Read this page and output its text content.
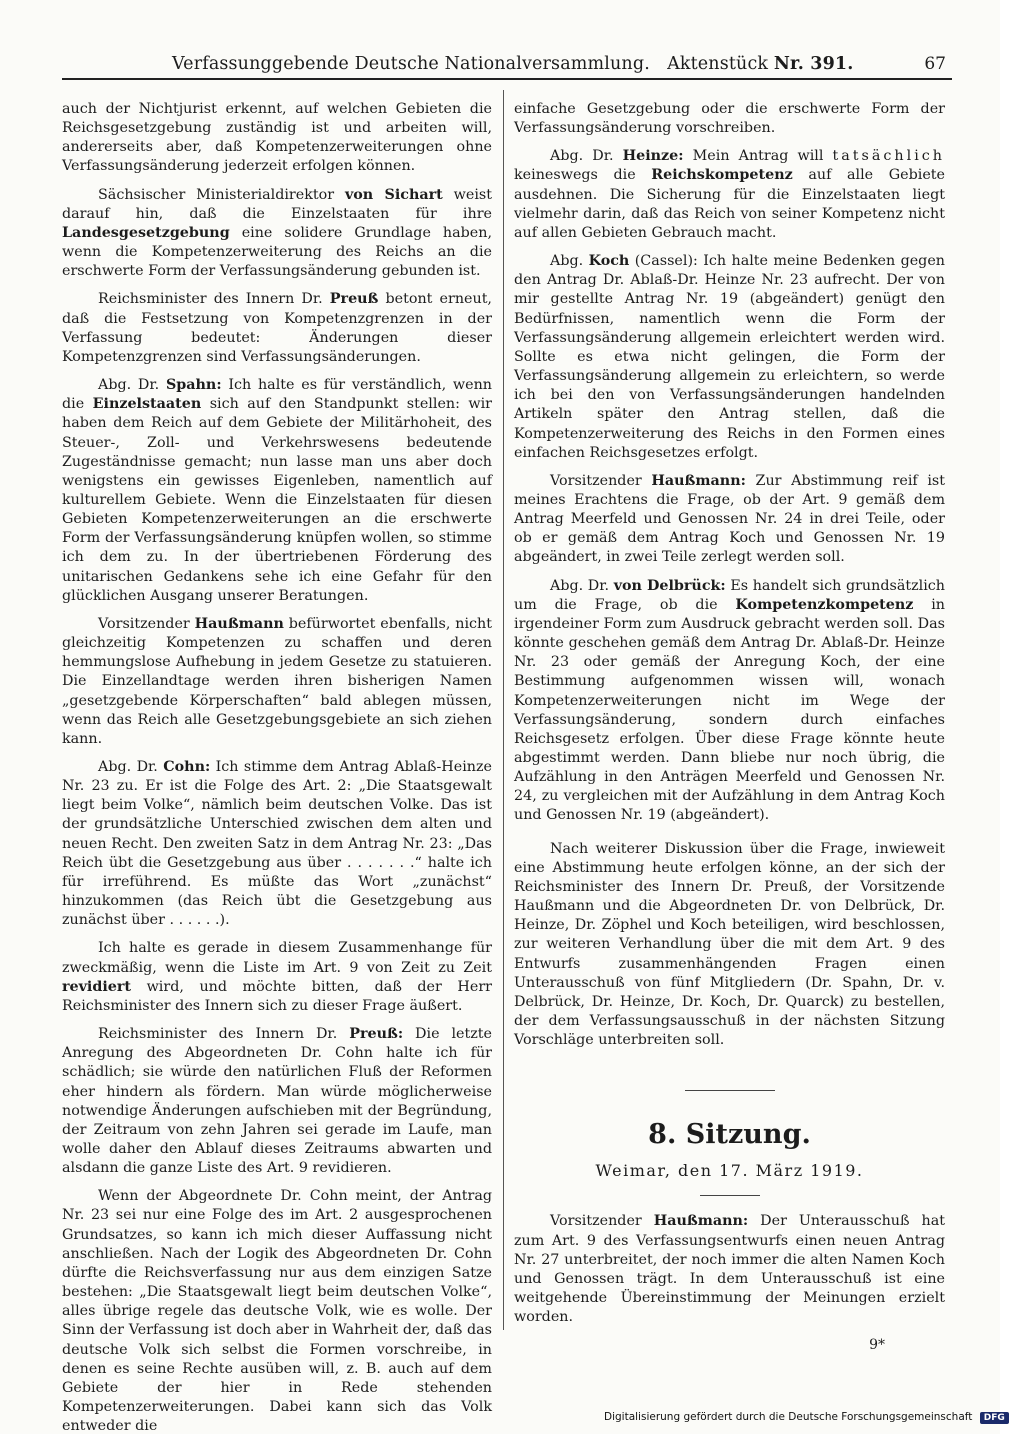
Verfassunggebende Deutsche Nationalversammlung. Aktenstück Nr. 391.	67

auch der Nichtjurist erkennt, auf welchen Gebieten die Reichsgesetzgebung zuständig ist und arbeiten will, andererseits aber, daß Kompetenzerweiterungen ohne Verfassungsänderung jederzeit erfolgen können.

Sächsischer Ministerialdirektor von Sichart weist darauf hin, daß die Einzelstaaten für ihre Landesgesetzgebung eine solidere Grundlage haben, wenn die Kompetenzerweiterung des Reichs an die erschwerte Form der Verfassungsänderung gebunden ist.

Reichsminister des Innern Dr. Preuß betont erneut, daß die Festsetzung von Kompetenzgrenzen in der Verfassung bedeutet: Änderungen dieser Kompetenzgrenzen sind Verfassungsänderungen.

Abg. Dr. Spahn: Ich halte es für verständlich, wenn die Einzelstaaten sich auf den Standpunkt stellen: wir haben dem Reich auf dem Gebiete der Militärhoheit, des Steuer-, Zoll- und Verkehrswesens bedeutende Zugeständnisse gemacht; nun lasse man uns aber doch wenigstens ein gewisses Eigenleben, namentlich auf kulturellem Gebiete. Wenn die Einzelstaaten für diesen Gebieten Kompetenzerweiterungen an die erschwerte Form der Verfassungsänderung knüpfen wollen, so stimme ich dem zu. In der übertriebenen Förderung des unitarischen Gedankens sehe ich eine Gefahr für den glücklichen Ausgang unserer Beratungen.

Vorsitzender Haußmann befürwortet ebenfalls, nicht gleichzeitig Kompetenzen zu schaffen und deren hemmungslose Aufhebung in jedem Gesetze zu statuieren. Die Einzellandtage werden ihren bisherigen Namen „gesetzgebende Körperschaften“ bald ablegen müssen, wenn das Reich alle Gesetzgebungsgebiete an sich ziehen kann.

Abg. Dr. Cohn: Ich stimme dem Antrag Ablaß-Heinze Nr. 23 zu. Er ist die Folge des Art. 2: „Die Staatsgewalt liegt beim Volke“, nämlich beim deutschen Volke. Das ist der grundsätzliche Unterschied zwischen dem alten und neuen Recht. Den zweiten Satz in dem Antrag Nr. 23: „Das Reich übt die Gesetzgebung aus über . . . . . . .“ halte ich für irreführend. Es müßte das Wort „zunächst“ hinzukommen (das Reich übt die Gesetzgebung aus zunächst über . . . . . .).

Ich halte es gerade in diesem Zusammenhange für zweckmäßig, wenn die Liste im Art. 9 von Zeit zu Zeit revidiert wird, und möchte bitten, daß der Herr Reichsminister des Innern sich zu dieser Frage äußert.

Reichsminister des Innern Dr. Preuß: Die letzte Anregung des Abgeordneten Dr. Cohn halte ich für schädlich; sie würde den natürlichen Fluß der Reformen eher hindern als fördern. Man würde möglicherweise notwendige Änderungen aufschieben mit der Begründung, der Zeitraum von zehn Jahren sei gerade im Laufe, man wolle daher den Ablauf dieses Zeitraums abwarten und alsdann die ganze Liste des Art. 9 revidieren.

Wenn der Abgeordnete Dr. Cohn meint, der Antrag Nr. 23 sei nur eine Folge des im Art. 2 ausgesprochenen Grundsatzes, so kann ich mich dieser Auffassung nicht anschließen. Nach der Logik des Abgeordneten Dr. Cohn dürfte die Reichsverfassung nur aus dem einzigen Satze bestehen: „Die Staatsgewalt liegt beim deutschen Volke“, alles übrige regele das deutsche Volk, wie es wolle. Der Sinn der Verfassung ist doch aber in Wahrheit der, daß das deutsche Volk sich selbst die Formen vorschreibe, in denen es seine Rechte ausüben will, z. B. auch auf dem Gebiete der hier in Rede stehenden Kompetenzerweiterungen. Dabei kann sich das Volk entweder die

einfache Gesetzgebung oder die erschwerte Form der Verfassungsänderung vorschreiben.

Abg. Dr. Heinze: Mein Antrag will tatsächlich keineswegs die Reichskompetenz auf alle Gebiete ausdehnen. Die Sicherung für die Einzelstaaten liegt vielmehr darin, daß das Reich von seiner Kompetenz nicht auf allen Gebieten Gebrauch macht.

Abg. Koch (Cassel): Ich halte meine Bedenken gegen den Antrag Dr. Ablaß-Dr. Heinze Nr. 23 aufrecht. Der von mir gestellte Antrag Nr. 19 (abgeändert) genügt den Bedürfnissen, namentlich wenn die Form der Verfassungsänderung allgemein erleichtert werden wird. Sollte es etwa nicht gelingen, die Form der Verfassungsänderung allgemein zu erleichtern, so werde ich bei den von Verfassungsänderungen handelnden Artikeln später den Antrag stellen, daß die Kompetenzerweiterung des Reichs in den Formen eines einfachen Reichsgesetzes erfolgt.

Vorsitzender Haußmann: Zur Abstimmung reif ist meines Erachtens die Frage, ob der Art. 9 gemäß dem Antrag Meerfeld und Genossen Nr. 24 in drei Teile, oder ob er gemäß dem Antrag Koch und Genossen Nr. 19 abgeändert, in zwei Teile zerlegt werden soll.

Abg. Dr. von Delbrück: Es handelt sich grundsätzlich um die Frage, ob die Kompetenzkompetenz in irgendeiner Form zum Ausdruck gebracht werden soll. Das könnte geschehen gemäß dem Antrag Dr. Ablaß-Dr. Heinze Nr. 23 oder gemäß der Anregung Koch, der eine Bestimmung aufgenommen wissen will, wonach Kompetenzerweiterungen nicht im Wege der Verfassungsänderung, sondern durch einfaches Reichsgesetz erfolgen. Über diese Frage könnte heute abgestimmt werden. Dann bliebe nur noch übrig, die Aufzählung in den Anträgen Meerfeld und Genossen Nr. 24, zu vergleichen mit der Aufzählung in dem Antrag Koch und Genossen Nr. 19 (abgeändert).

Nach weiterer Diskussion über die Frage, inwieweit eine Abstimmung heute erfolgen könne, an der sich der Reichsminister des Innern Dr. Preuß, der Vorsitzende Haußmann und die Abgeordneten Dr. von Delbrück, Dr. Heinze, Dr. Zöphel und Koch beteiligen, wird beschlossen, zur weiteren Verhandlung über die mit dem Art. 9 des Entwurfs zusammenhängenden Fragen einen Unterausschuß von fünf Mitgliedern (Dr. Spahn, Dr. v. Delbrück, Dr. Heinze, Dr. Koch, Dr. Quarck) zu bestellen, der dem Verfassungsausschuß in der nächsten Sitzung Vorschläge unterbreiten soll.

8. Sitzung.
Weimar, den 17. März 1919.

Vorsitzender Haußmann: Der Unterausschuß hat zum Art. 9 des Verfassungsentwurfs einen neuen Antrag Nr. 27 unterbreitet, der noch immer die alten Namen Koch und Genossen trägt. In dem Unterausschuß ist eine weitgehende Übereinstimmung der Meinungen erzielt worden.

9*
Digitalisierung gefördert durch die Deutsche Forschungsgemeinschaft DFG
